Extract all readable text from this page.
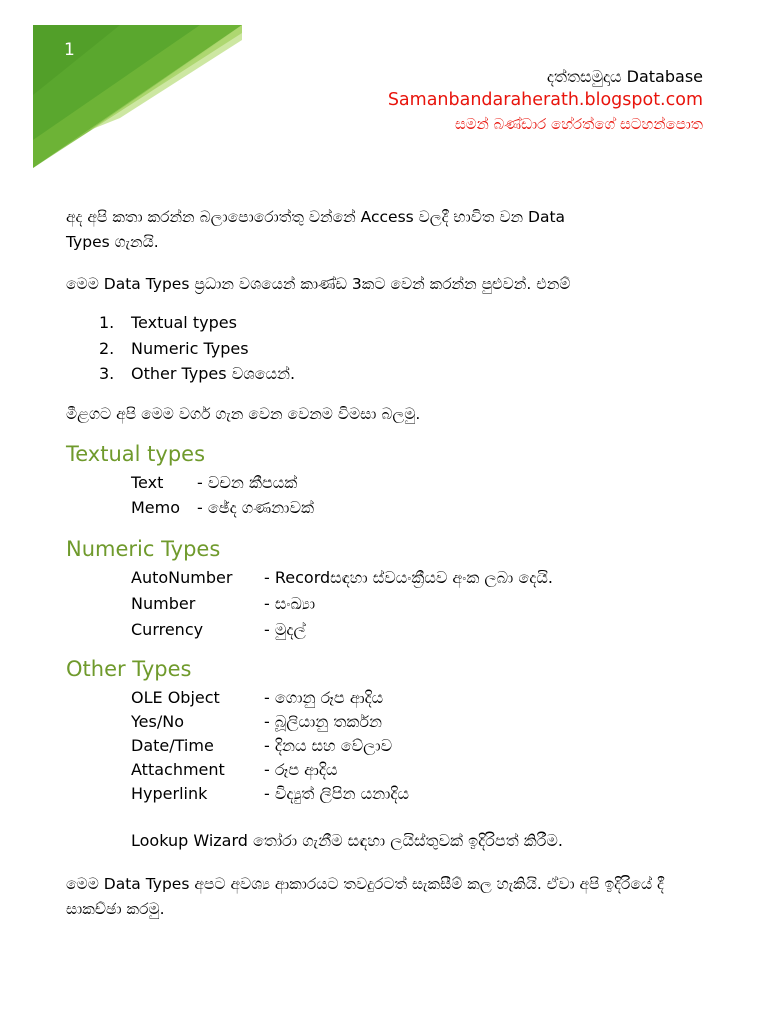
1
දත්තසමුදාය Database
Samanbandaraherath.blogspot.com
සමන් බණ්ඩාර හේරත්ගේ සටහන්පොත
අද අපි කතා කරන්න බලාපොරොත්තු වන්නේ Access වලදී භාවිත වන Data
Types ගැනයි.
මෙම Data Types ප්‍රධාන වශයෙන් කාණ්ඩ 3කට වෙන් කරන්න පුළුවන්. එනම්
1. Textual types
2. Numeric Types
3. Other Types වශයෙන්.
මීළගට අපි මෙම වර්ග ගැන වෙන වෙනම විමසා බලමු.
Textual types
Text - වචන කීපයක්
Memo - ඡේද ගණනාවක්
Numeric Types
AutoNumber - Recordසඳහා ස්වයංක්‍රීයව අංක ලබා දෙයි.
Number	- සංඛ්‍යා
Currency	- මුදල්
Other Types
OLE Object	- ගොනු රූප ආදිය
Yes/No	- බූලියානු තර්කන
Date/Time	- දිනය සහ වේලාව
Attachment - රූප ආදිය
Hyperlink	- විද්‍යුත් ලිපින යනාදිය
Lookup Wizard තෝරා ගැනීම සඳහා ලයිස්තුවක් ඉදිරිපත් කිරීම.
මෙම Data Types අපට අවශ්‍ය ආකාරයට තවදුරටත් සැකසීම් කල හැකියි. ඒවා අපි ඉදිරියේ දී සාකච්ඡා කරමු.
